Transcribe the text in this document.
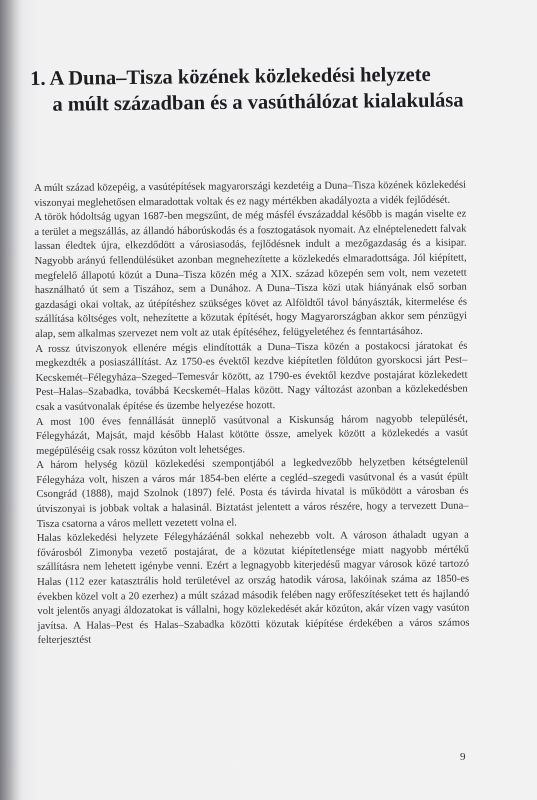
1. A Duna–Tisza közének közlekedési helyzete
a múlt században és a vasúthálózat kialakulása

A múlt század közepéig, a vasútépítések magyarországi kezdetéig a Duna–Tisza közének közlekedési viszonyai meglehetősen elmaradottak voltak és ez nagy mértékben akadályozta a vidék fejlődését.

A török hódoltság ugyan 1687-ben megszűnt, de még másfél évszázaddal később is magán viselte ez a terület a megszállás, az állandó háborúskodás és a fosztogatások nyomait. Az elnéptelenedett falvak lassan éledtek újra, elkezdődött a városiasodás, fejlődésnek indult a mezőgazdaság és a kisipar. Nagyobb arányú fellendülésüket azonban megnehezítette a közlekedés elmaradottsága. Jól kiépített, megfelelő állapotú közút a Duna–Tisza közén még a XIX. század közepén sem volt, nem vezetett használható út sem a Tiszához, sem a Dunához. A Duna–Tisza közi utak hiányának első sorban gazdasági okai voltak, az útépítéshez szükséges követ az Alföldtől távol bányászták, kitermelése és szállítása költséges volt, nehezítette a közutak építését, hogy Magyarországban akkor sem pénzügyi alap, sem alkalmas szervezet nem volt az utak építéséhez, felügyeletéhez és fenntartásához.

A rossz útviszonyok ellenére mégis elindították a Duna–Tisza közén a postakocsi járatokat és megkezdték a posiaszállítást. Az 1750-es évektől kezdve kiépítetlen földúton gyorskocsi járt Pest–Kecskemét–Félegyháza–Szeged–Temesvár között, az 1790-es évektől kezdve postajárat közlekedett Pest–Halas–Szabadka, továbbá Kecskemét–Halas között. Nagy változást azonban a közlekedésben csak a vasútvonalak építése és üzembe helyezése hozott.

A most 100 éves fennállását ünneplő vasútvonal a Kiskunság három nagyobb települését, Félegyházát, Majsát, majd később Halast kötötte össze, amelyek között a közlekedés a vasút megépüléséig csak rossz közúton volt lehetséges.

A három helység közül közlekedési szempontjából a legkedvezőbb helyzetben kétségtelenül Félegyháza volt, hiszen a város már 1854-ben elérte a cegléd–szegedi vasútvonal és a vasút épült Csongrád (1888), majd Szolnok (1897) felé. Posta és távirda hivatal is működött a városban és útviszonyai is jobbak voltak a halasinál. Biztatást jelentett a város részére, hogy a tervezett Duna–Tisza csatorna a város mellett vezetett volna el.

Halas közlekedési helyzete Félegyházáénál sokkal nehezebb volt. A városon áthaladt ugyan a fővárosból Zimonyba vezető postajárat, de a közutat kiépítetlensége miatt nagyobb mértékű szállításra nem lehetett igénybe venni. Ezért a legnagyobb kiterjedésű magyar városok közé tartozó Halas (112 ezer katasztrális hold területével az ország hatodik városa, lakóinak száma az 1850-es években közel volt a 20 ezerhez) a múlt század második felében nagy erőfeszítéseket tett és hajlandó volt jelentős anyagi áldozatokat is vállalni, hogy közlekedését akár közúton, akár vízen vagy vasúton javítsa. A Halas–Pest és Halas–Szabadka közötti közutak kiépítése érdekében a város számos felterjesztést

9
